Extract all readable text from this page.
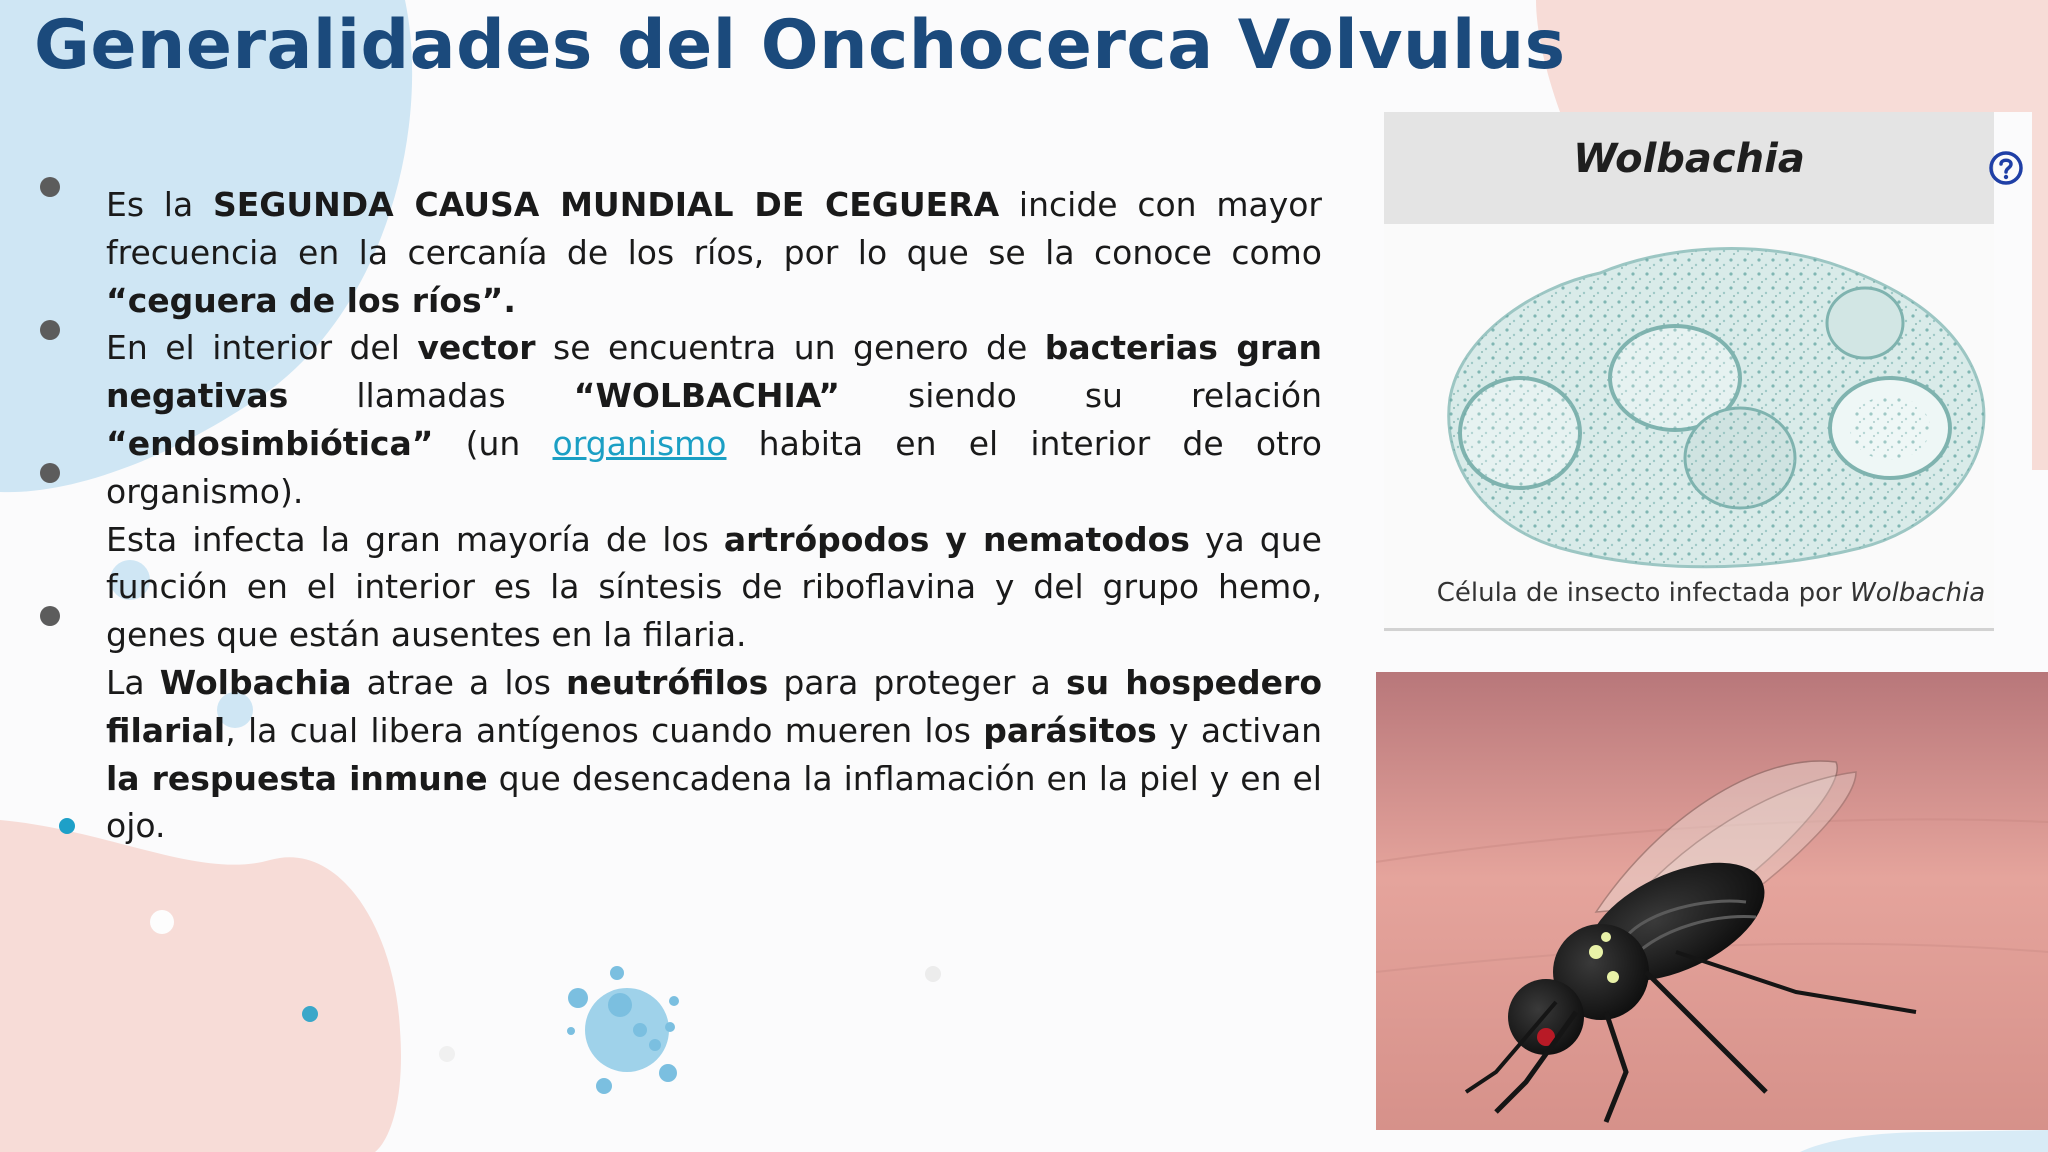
Generalidades del Onchocerca Volvulus

Es la SEGUNDA CAUSA MUNDIAL DE CEGUERA incide con mayor frecuencia en la cercanía de los ríos, por lo que se la conoce como “ceguera de los ríos”.

En el interior del vector se encuentra un genero de bacterias gran negativas llamadas “WOLBACHIA” siendo su relación “endosimbiótica” (un organismo habita en el interior de otro organismo).

Esta infecta la gran mayoría de los artrópodos y nematodos ya que función en el interior es la síntesis de riboflavina y del grupo hemo, genes que están ausentes en la filaria.

La Wolbachia atrae a los neutrófilos para proteger a su hospedero filarial, la cual libera antígenos cuando mueren los parásitos y activan la respuesta inmune que desencadena la inflamación en la piel y en el ojo.

Wolbachia
Célula de insecto infectada por Wolbachia
